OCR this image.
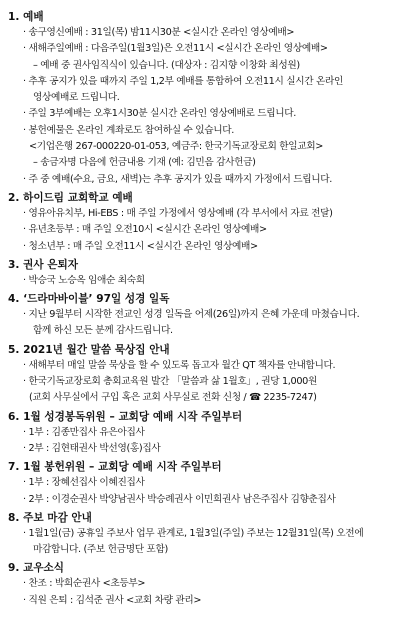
1. 예배
· 송구영신예배 : 31일(목) 밤11시30분 <실시간 온라인 영상예배>
· 새해주일예배 : 다음주일(1월3일)은 오전11시 <실시간 온라인 영상예배>
– 예배 중 권사임직식이 있습니다. (대상자 : 김지향 이창화 최성원)
· 추후 공지가 있을 때까지 주일 1,2부 예배를 통합하여 오전11시 실시간 온라인
영상예배로 드립니다.
· 주일 3부예배는 오후1시30분 실시간 온라인 영상예배로 드립니다.
· 봉헌예물은 온라인 계좌로도 참여하실 수 있습니다.
<기업은행 267-000220-01-053, 예금주: 한국기독교장로회 한일교회>
– 송금자명 다음에 헌금내용 기재 (예: 김민음 감사헌금)
· 주 중 예배(수요, 금요, 새벽)는 추후 공지가 있을 때까지 가정에서 드립니다.
2. 하이드림 교회학교 예배
· 영유아유치부, Hi-EBS : 매 주일 가정에서 영상예배 (각 부서에서 자료 전달)
· 유년초등부 : 매 주일 오전10시 <실시간 온라인 영상예배>
· 청소년부 : 매 주일 오전11시 <실시간 온라인 영상예배>
3. 권사 은퇴자
· 박승국 노승옥 임애순 최숙희
4. ‘드라마바이블’ 97일 성경 일독
· 지난 9월부터 시작한 전교인 성경 일독을 어제(26일)까지 은혜 가운데 마쳤습니다.
함께 하신 모든 분께 감사드립니다.
5. 2021년 월간 말씀 묵상집 안내
· 새해부터 매일 말씀 묵상을 할 수 있도록 돕고자 월간 QT 책자를 안내합니다.
· 한국기독교장로회 총회교육원 발간 「말씀과 삶 1월호」, 권당 1,000원
(교회 사무실에서 구입 혹은 교회 사무실로 전화 신청 / ☎ 2235-7247)
6. 1월 성경봉독위원 – 교회당 예배 시작 주일부터
· 1부 : 김종만집사 유은아집사
· 2부 : 김현태권사 박선영(홍)집사
7. 1월 봉헌위원 – 교회당 예배 시작 주일부터
· 1부 : 장혜선집사 이혜진집사
· 2부 : 이경순권사 박양남권사 박승례권사 이민희권사 남은주집사 김향춘집사
8. 주보 마감 안내
· 1월1일(금) 공휴일 주보사 업무 관계로, 1월3일(주일) 주보는 12월31일(목) 오전에
마감합니다. (주보 헌금명단 포함)
9. 교우소식
· 찬조 : 박희순권사 <초등부>
· 직원 은퇴 : 김석준 권사 <교회 차량 관리>
